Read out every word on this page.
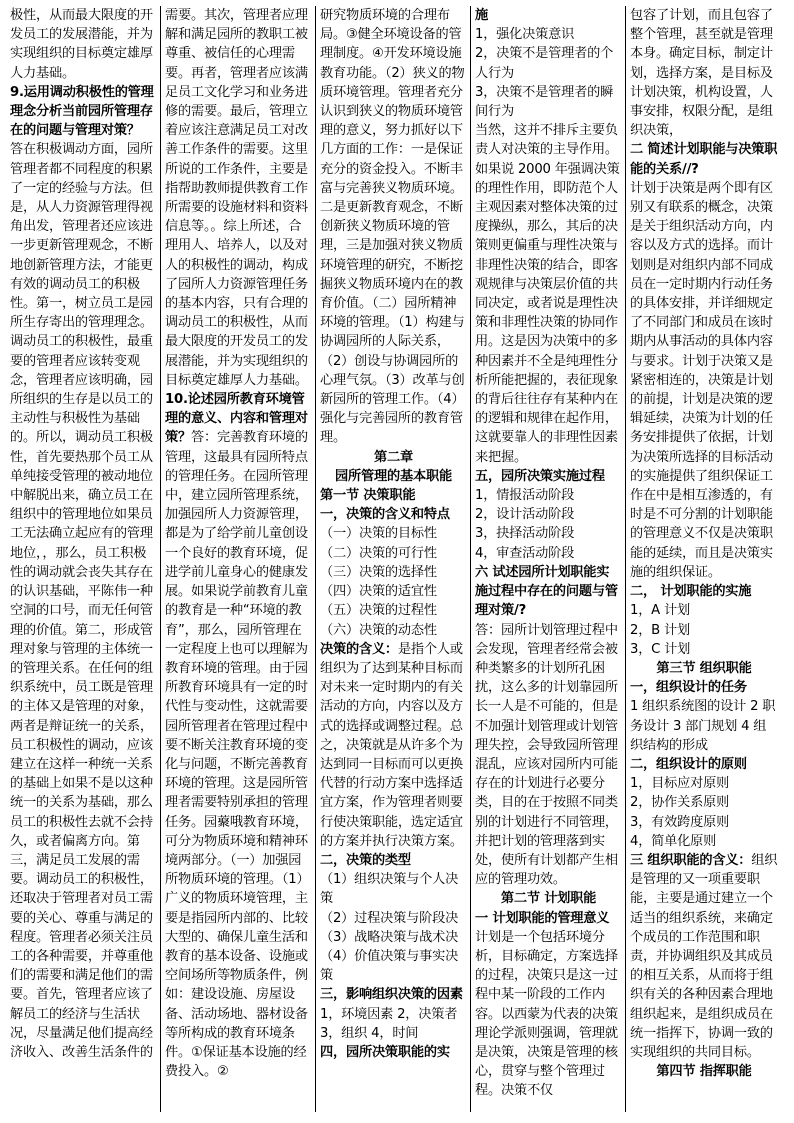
极性，从而最大限度的开发员工的发展潜能，并为实现组织的目标奠定雄厚人力基础。

9.运用调动积极性的管理理念分析当前园所管理存在的问题与管理对策？

答在积极调动方面，园所管理者都不同程度的积累了一定的经验与方法。但是，从人力资源管理得视角出发，管理者还应该进一步更新管理观念，不断地创新管理方法，才能更有效的调动员工的积极性。第一，树立员工是园所生存寄出的管理理念。调动员工的积极性，最重要的管理者应该转变观念，管理者应该明确，园所组织的生存是以员工的主动性与积极性为基础的。所以，调动员工积极性，首先要热那个员工从单纯接受管理的被动地位中解脱出来，确立员工在组织中的管理地位如果员工无法确立起应有的管理地位，，那么，员工积极性的调动就会丧失其存在的认识基础，平陈伟一种空洞的口号，而无任何管理的价值。第二，形成管理对象与管理的主体统一的管理关系。在任何的组织系统中，员工既是管理的主体又是管理的对象，两者是辩证统一的关系，员工积极性的调动，应该建立在这样一种统一关系的基础上如果不是以这种统一的关系为基础，那么员工的积极性去就不会持久，或者偏离方向。第三，满足员工发展的需要。调动员工的积极性，还取决于管理者对员工需要的关心、尊重与满足的程度。管理者必须关注员工的各种需要，并尊重他们的需要和满足他们的需要。首先，管理者应该了解员工的经济与生活状况，尽量满足他们提高经济收入、改善生活条件的

需要。其次，管理者应理解和满足园所的教职工被尊重、被信任的心理需要。再者，管理者应该满足员工文化学习和业务进修的需要。最后，管理立着应该注意满足员工对改善工作条件的需要。这里所说的工作条件，主要是指帮助教师提供教育工作所需要的设施材料和资料信息等。。综上所述，合理用人、培养人，以及对人的积极性的调动，构成了园所人力资源管理任务的基本内容，只有合理的调动员工的积极性，从而最大限度的开发员工的发展潜能，并为实现组织的目标奠定雄厚人力基础。

10.论述园所教育环境管理的意义、内容和管理对策？答：完善教育环境的管理，这最具有园所特点的管理任务。在园所管理中，建立园所管理系统，加强园所人力资源管理，都是为了给学前儿童创设一个良好的教育环境，促进学前儿童身心的健康发展。如果说学前教育儿童的教育是一种“环境的教育”，那么，园所管理在一定程度上也可以理解为教育环境的管理。由于园所教育环境具有一定的时代性与变动性，这就需要园所管理者在管理过程中要不断关注教育环境的变化与问题，不断完善教育环境的管理。这是园所管理者需要特别承担的管理任务。园藂哦教育环境，可分为物质环境和精神环境两部分。（一）加强园所物质环境的管理。（1）广义的物质环境管理，主要是指园所内部的、比较大型的、确保儿童生活和教育的基本设备、设施或空间场所等物质条件，例如：建设设施、房屋设备、活动场地、器材设备等所构成的教育环境条件。①保证基本设施的经费投入。②

研究物质环境的合理布局。③健全环境设备的管理制度。④开发环境设施教育功能。（2）狭义的物质环境管理。管理者充分认识到狭义的物质环境管理的意义，努力抓好以下几方面的工作：一是保证充分的资金投入。不断丰富与完善狭义物质环境。二是更新教育观念，不断创新狭义物质环境的管理，三是加强对狭义物质环境管理的研究，不断挖掘狭义物质环境内在的教育价值。（二）园所精神环境的管理。（1）构建与协调园所的人际关系，（2）创设与协调园所的心理气氛。（3）改革与创新园所的管理工作。（4）强化与完善园所的教育管理。

第二章

园所管理的基本职能

第一节 决策职能

一，决策的含义和特点

（一）决策的目标性

（二）决策的可行性

（三）决策的选择性

（四）决策的适宜性

（五）决策的过程性

（六）决策的动态性

决策的含义：是指个人或组织为了达到某种目标而对未来一定时期内的有关活动的方向，内容以及方式的选择或调整过程。总之，决策就是从许多个为达到同一目标而可以更换代替的行动方案中选择适宜方案，作为管理者则要行使决策职能，选定适宜的方案并执行决策方案。

二，决策的类型

（1）组织决策与个人决策

（2）过程决策与阶段决

（3）战略决策与战术决

（4）价值决策与事实决策

三，影响组织决策的因素

1，环境因素 2，决策者 3，组织 4，时间

四，园所决策职能的实

施

1，强化决策意识

2，决策不是管理者的个人行为

3，决策不是管理者的瞬间行为

当然，这并不排斥主要负责人对决策的主导作用。如果说 2000 年强调决策的理性作用，即防范个人主观因素对整体决策的过度操纵，那么，其后的决策则更偏重与理性决策与非理性决策的结合，即客观规律与决策层价值的共同决定，或者说是理性决策和非理性决策的协同作用。这是因为决策中的多种因素并不全是纯理性分析所能把握的，表征现象的背后往往存有某种内在的逻辑和规律在起作用，这就要靠人的非理性因素来把握。

五，园所决策实施过程

1，情报活动阶段

2，设计活动阶段

3，抉择活动阶段

4，审查活动阶段

六 试述园所计划职能实施过程中存在的问题与管理对策/?

答：园所计划管理过程中会发现，管理者经常会被种类繁多的计划所孔困扰，这么多的计划靠园所长一人是不可能的，但是不加强计划管理或计划管理失控，会导致园所管理混乱，应该对园所内可能存在的计划进行必要分类，目的在于按照不同类别的计划进行不同管理，并把计划的管理落到实处，使所有计划都产生相应的管理功效。

第二节 计划职能

一 计划职能的管理意义

计划是一个包括环境分析，目标确定，方案选择的过程，决策只是这一过程中某一阶段的工作内容。以西蒙为代表的决策理论学派则强调，管理就是决策，决策是管理的核心，贯穿与整个管理过程。决策不仅

包容了计划，而且包容了整个管理，甚至就是管理本身。确定目标，制定计划，选择方案，是目标及计划决策，机构设置，人事安排，权限分配，是组织决策，

二 简述计划职能与决策职能的关系//?

计划于决策是两个即有区别又有联系的概念，决策是关于组织活动方向，内容以及方式的选择。而计划则是对组织内部不同成员在一定时期内行动任务的具体安排，并详细规定了不同部门和成员在该时期内从事活动的具体内容与要求。计划于决策又是紧密相连的，决策是计划的前提，计划是决策的逻辑延续，决策为计划的任务安排提供了依据，计划为决策所选择的目标活动的实施提供了组织保证工作在中是相互渗透的，有时是不可分割的计划职能的管理意义不仅是决策职能的延续，而且是决策实施的组织保证。

二， 计划职能的实施

1，A 计划

2，B 计划

3，C 计划

第三节 组织职能

一，组织设计的任务

1 组织系统图的设计 2 职务设计 3 部门规划 4 组织结构的形成

二，组织设计的原则

1，目标应对原则

2，协作关系原则

3，有效跨度原则

4，简单化原则

三 组织职能的含义：组织是管理的又一项重要职能，主要是通过建立一个适当的组织系统，来确定个成员的工作范围和职责，并协调组织及其成员的相互关系，从而将于组织有关的各种因素合理地组织起来，是组织成员在统一指挥下，协调一致的实现组织的共同目标。

第四节 指挥职能
